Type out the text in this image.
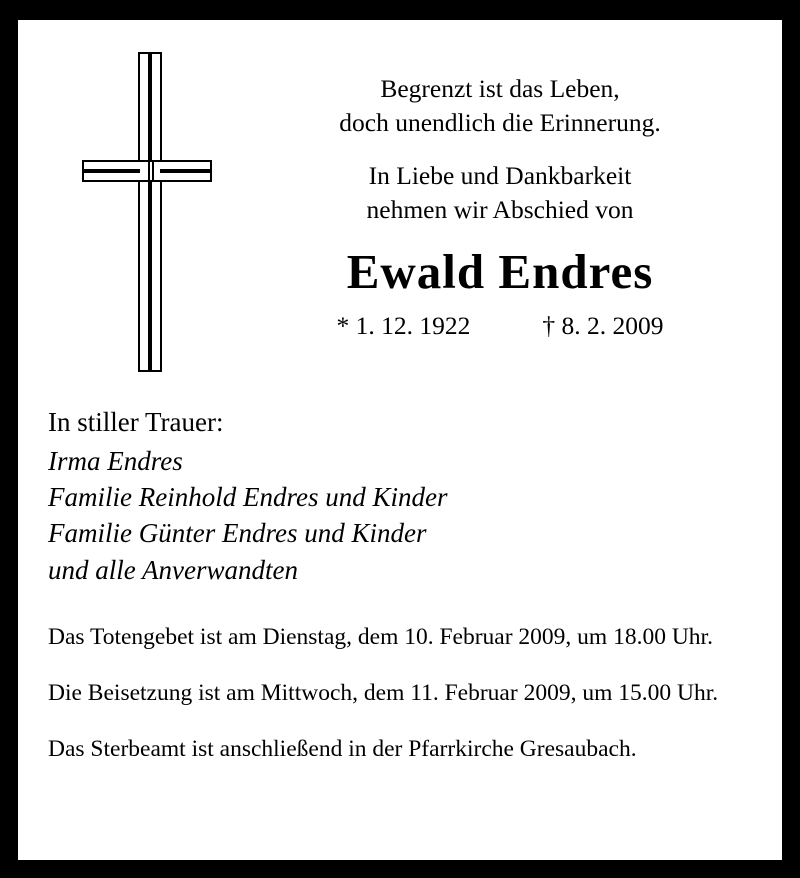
Begrenzt ist das Leben,
doch unendlich die Erinnerung.
In Liebe und Dankbarkeit
nehmen wir Abschied von
Ewald Endres
* 1. 12. 1922	† 8. 2. 2009
In stiller Trauer:
Irma Endres
Familie Reinhold Endres und Kinder
Familie Günter Endres und Kinder
und alle Anverwandten
Das Totengebet ist am Dienstag, dem 10. Februar 2009, um 18.00 Uhr.
Die Beisetzung ist am Mittwoch, dem 11. Februar 2009, um 15.00 Uhr.
Das Sterbeamt ist anschließend in der Pfarrkirche Gresaubach.
